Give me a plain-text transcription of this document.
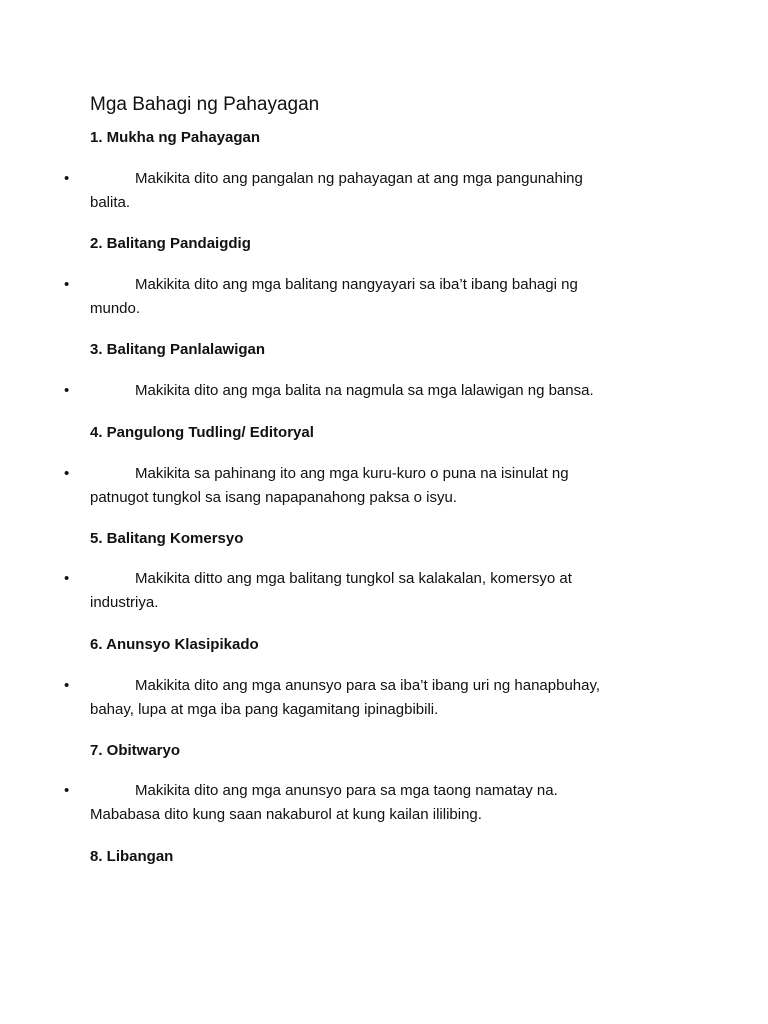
Mga Bahagi ng Pahayagan
1. Mukha ng Pahayagan
•	Makikita dito ang pangalan ng pahayagan at ang mga pangunahing
balita.

2. Balitang Pandaigdig
•	Makikita dito ang mga balitang nangyayari sa iba’t ibang bahagi ng
mundo.

3. Balitang Panlalawigan
•	Makikita dito ang mga balita na nagmula sa mga lalawigan ng bansa.

4. Pangulong Tudling/ Editoryal
•	Makikita sa pahinang ito ang mga kuru-kuro o puna na isinulat ng
patnugot tungkol sa isang napapanahong paksa o isyu.

5. Balitang Komersyo
•	Makikita ditto ang mga balitang tungkol sa kalakalan, komersyo at
industriya.

6. Anunsyo Klasipikado
•	Makikita dito ang mga anunsyo para sa iba’t ibang uri ng hanapbuhay,
bahay, lupa at mga iba pang kagamitang ipinagbibili.

7. Obitwaryo
•	Makikita dito ang mga anunsyo para sa mga taong namatay na.
Mababasa dito kung saan nakaburol at kung kailan ililibing.

8. Libangan
